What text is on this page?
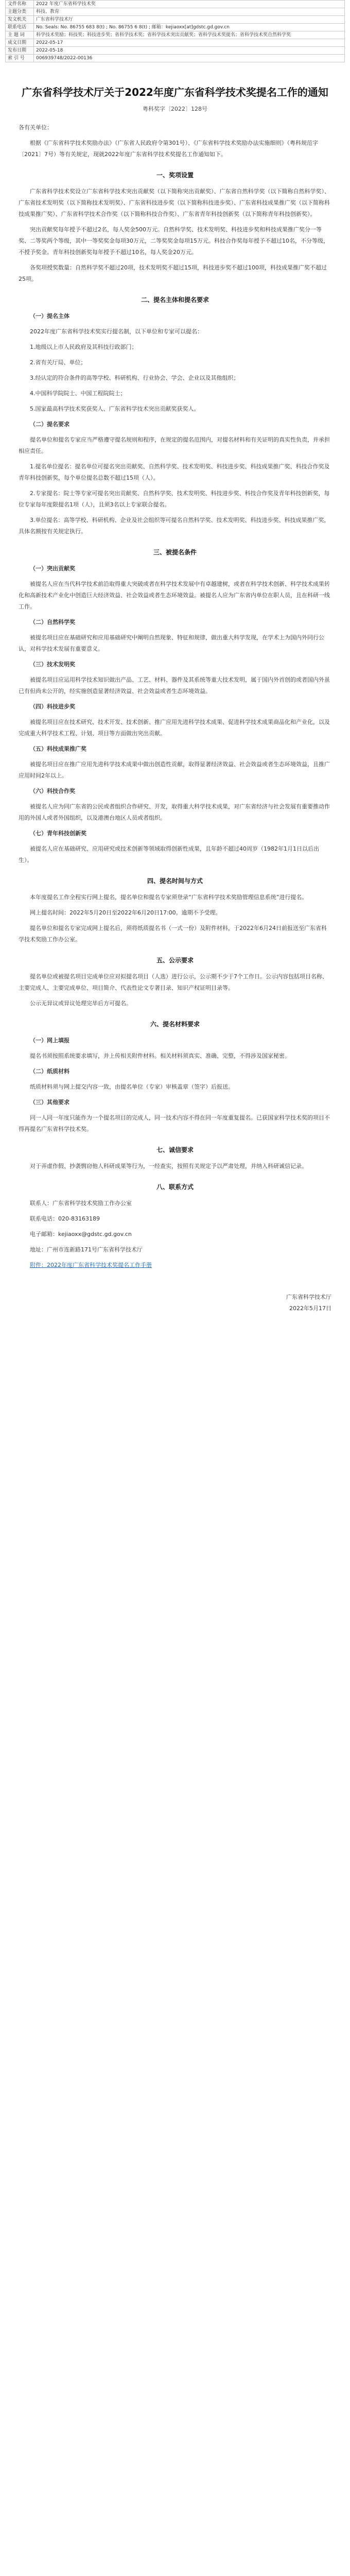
文件名称	2022 年度广东省科学技术奖
主题分类	科技、教育
发文机关	广东省科学技术厅
联系电话	No. Seals: No. 86755 683 8(t) ; No. 86755 6 8(t) ; 邮箱：kejiaoxx[at]gdstc.gd.gov.cn
主 题 词	科学技术奖励；科技奖；科技进步奖；省科学技术奖；省科学技术突出贡献奖；省科学技术奖提名；省科学技术奖自然科学奖
成文日期	2022-05-17
发布日期	2022-05-18
索 引 号	006939748/2022-00136
广东省科学技术厅关于2022年度广东省科学技术奖提名工作的通知
粤科奖字〔2022〕128号

各有关单位：

根据《广东省科学技术奖励办法》（广东省人民政府令第301号）、《广东省科学技术奖励办法实施细则》（粤科规范字〔2021〕7号）等有关规定，现就2022年度广东省科学技术奖提名工作通知如下。

一、奖项设置

广东省科学技术奖设立广东省科学技术突出贡献奖（以下简称突出贡献奖）、广东省自然科学奖（以下简称自然科学奖）、广东省技术发明奖（以下简称技术发明奖）、广东省科技进步奖（以下简称科技进步奖）、广东省科技成果推广奖（以下简称科技成果推广奖）、广东省科学技术合作奖（以下简称科技合作奖）、广东省青年科技创新奖（以下简称青年科技创新奖）。

突出贡献奖每年授予不超过2名，每人奖金500万元。自然科学奖、技术发明奖、科技进步奖和科技成果推广奖分一等奖、二等奖两个等级，其中一等奖奖金每项30万元，二等奖奖金每项15万元。科技合作奖每年授予不超过10名，不分等级，不授予奖金。青年科技创新奖每年授予不超过10名，每人奖金20万元。

各奖项授奖数量：自然科学奖不超过20项，技术发明奖不超过15项，科技进步奖不超过100项，科技成果推广奖不超过25项。

二、提名主体和提名要求

（一）提名主体

2022年度广东省科学技术奖实行提名制，以下单位和专家可以提名：

1.地级以上市人民政府及其科技行政部门；

2.省有关厅局、单位；

3.经认定的符合条件的高等学校、科研机构、行业协会、学会、企业以及其他组织；

4.中国科学院院士、中国工程院院士；

5.国家最高科学技术奖获奖人、广东省科学技术突出贡献奖获奖人。

（二）提名要求

提名单位和提名专家应当严格遵守提名规则和程序，在规定的提名范围内，对提名材料和有关证明的真实性负责，并承担相应责任。

1.提名单位提名：提名单位可提名突出贡献奖、自然科学奖、技术发明奖、科技进步奖、科技成果推广奖、科技合作奖及青年科技创新奖，每个单位提名总数不超过15项（人）。

2.专家提名：院士等专家可提名突出贡献奖、自然科学奖、技术发明奖、科技进步奖、科技合作奖及青年科技创新奖，每位专家每年度限提名1项（人），且须3名以上专家联合提名。

3.单位提名：高等学校、科研机构、企业及社会组织等可提名自然科学奖、技术发明奖、科技进步奖、科技成果推广奖，具体名额按有关规定执行。

三、被提名条件

（一）突出贡献奖

被提名人应在当代科学技术前沿取得重大突破或者在科学技术发展中有卓越建树，或者在科学技术创新、科学技术成果转化和高新技术产业化中创造巨大经济效益、社会效益或者生态环境效益。被提名人应为广东省内单位在职人员，且在科研一线工作。

（二）自然科学奖

被提名项目应在基础研究和应用基础研究中阐明自然现象、特征和规律，做出重大科学发现，在学术上为国内外同行公认，对科学技术发展有重要意义。

（三）技术发明奖

被提名项目应运用科学技术知识做出产品、工艺、材料、器件及其系统等重大技术发明，属于国内外首创的或者国内外虽已有但尚未公开的，经实施创造显著经济效益、社会效益或者生态环境效益。

（四）科技进步奖

被提名项目应在技术研究、技术开发、技术创新、推广应用先进科学技术成果、促进科学技术成果商品化和产业化，以及完成重大科学技术工程、计划、项目等方面做出突出贡献。

（五）科技成果推广奖

被提名项目应在推广应用先进科学技术成果中做出创造性贡献，取得显著经济效益、社会效益或者生态环境效益，且推广应用时间2年以上。

（六）科技合作奖

被提名人应为同广东省的公民或者组织合作研究、开发，取得重大科学技术成果，对广东省经济与社会发展有重要推动作用的外国人或者外国组织，以及港澳台地区人员或者组织。

（七）青年科技创新奖

被提名人应在基础研究、应用研究或技术创新等领域取得创新性成果，且年龄不超过40周岁（1982年1月1日以后出生）。

四、提名时间与方式

本年度提名工作全程实行网上提名，提名单位和提名专家须登录“广东省科学技术奖励管理信息系统”进行提名。

网上提名时间：2022年5月20日至2022年6月20日17:00。逾期不予受理。

提名单位和提名专家完成网上提名后，须将纸质提名书（一式一份）及附件材料，于2022年6月24日前报送至广东省科学技术奖励工作办公室。

五、公示要求

提名单位或被提名项目完成单位应对拟提名项目（人选）进行公示，公示期不少于7个工作日。公示内容包括项目名称、主要完成人、主要完成单位、项目简介、代表性论文专著目录、知识产权证明目录等。

公示无异议或异议处理完毕后方可提名。

六、提名材料要求

（一）网上填报

提名书须按照系统要求填写，并上传相关附件材料。相关材料须真实、准确、完整，不得涉及国家秘密。

（二）纸质材料

纸质材料须与网上提交内容一致，由提名单位（专家）审核盖章（签字）后报送。

（三）其他要求

同一人同一年度只能作为一个提名项目的完成人，同一技术内容不得在同一年度重复提名。已获国家科学技术奖的项目不得再提名广东省科学技术奖。

七、诚信要求

对于弄虚作假、抄袭剽窃他人科研成果等行为，一经查实，按照有关规定予以严肃处理，并纳入科研诚信记录。

八、联系方式

联系人：广东省科学技术奖励工作办公室

联系电话：020-83163189

电子邮箱：kejiaoxx@gdstc.gd.gov.cn

地址：广州市连新路171号广东省科学技术厅

附件：2022年度广东省科学技术奖提名工作手册

广东省科学技术厅
2022年5月17日
